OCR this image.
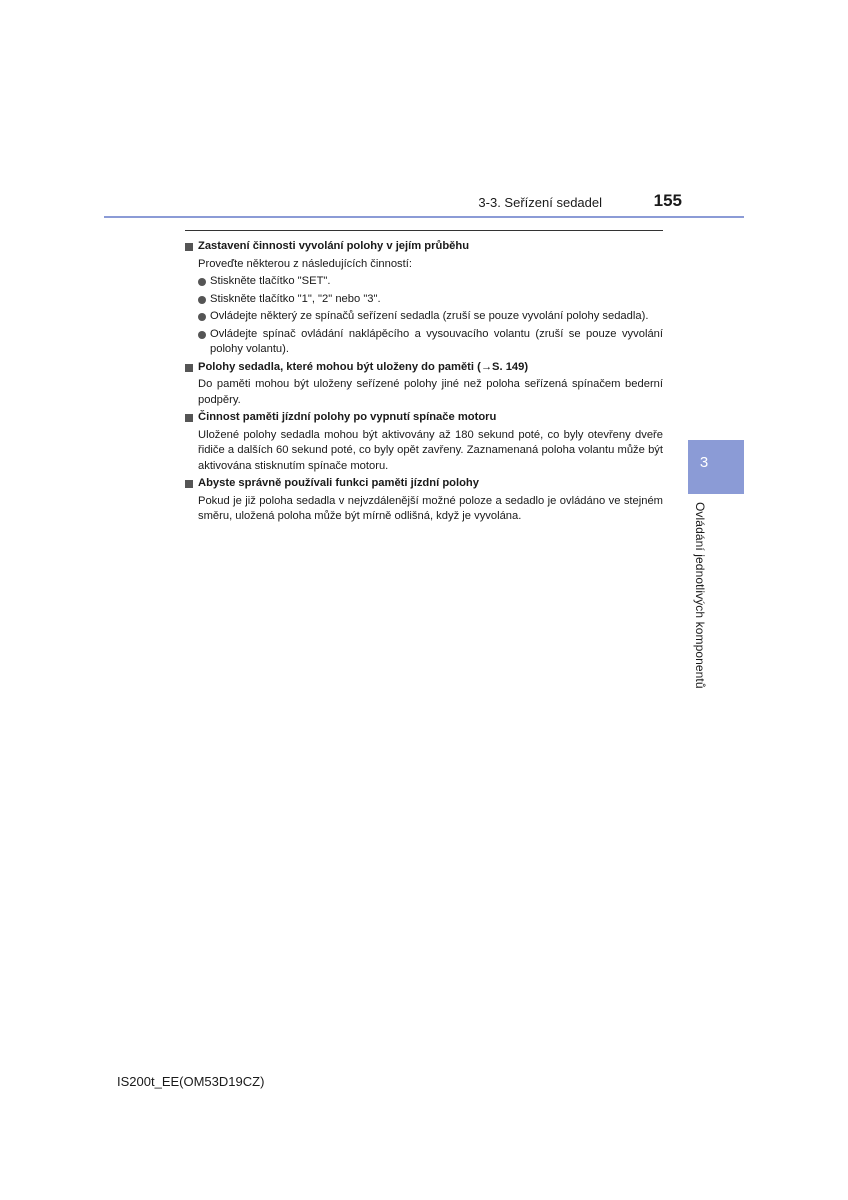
3-3. Seřízení sedadel	155
Zastavení činnosti vyvolání polohy v jejím průběhu
Proveďte některou z následujících činností:
Stiskněte tlačítko "SET".
Stiskněte tlačítko "1", "2" nebo "3".
Ovládejte některý ze spínačů seřízení sedadla (zruší se pouze vyvolání polohy sedadla).
Ovládejte spínač ovládání naklápěcího a vysouvacího volantu (zruší se pouze vyvolání polohy volantu).
Polohy sedadla, které mohou být uloženy do paměti (→S. 149)
Do paměti mohou být uloženy seřízené polohy jiné než poloha seřízená spínačem bederní podpěry.
Činnost paměti jízdní polohy po vypnutí spínače motoru
Uložené polohy sedadla mohou být aktivovány až 180 sekund poté, co byly otevřeny dveře řidiče a dalších 60 sekund poté, co byly opět zavřeny. Zaznamenaná poloha volantu může být aktivována stisknutím spínače motoru.
Abyste správně používali funkci paměti jízdní polohy
Pokud je již poloha sedadla v nejvzdálenější možné poloze a sedadlo je ovládáno ve stejném směru, uložená poloha může být mírně odlišná, když je vyvolána.
3
Ovládání jednotlivých komponentů
IS200t_EE(OM53D19CZ)
